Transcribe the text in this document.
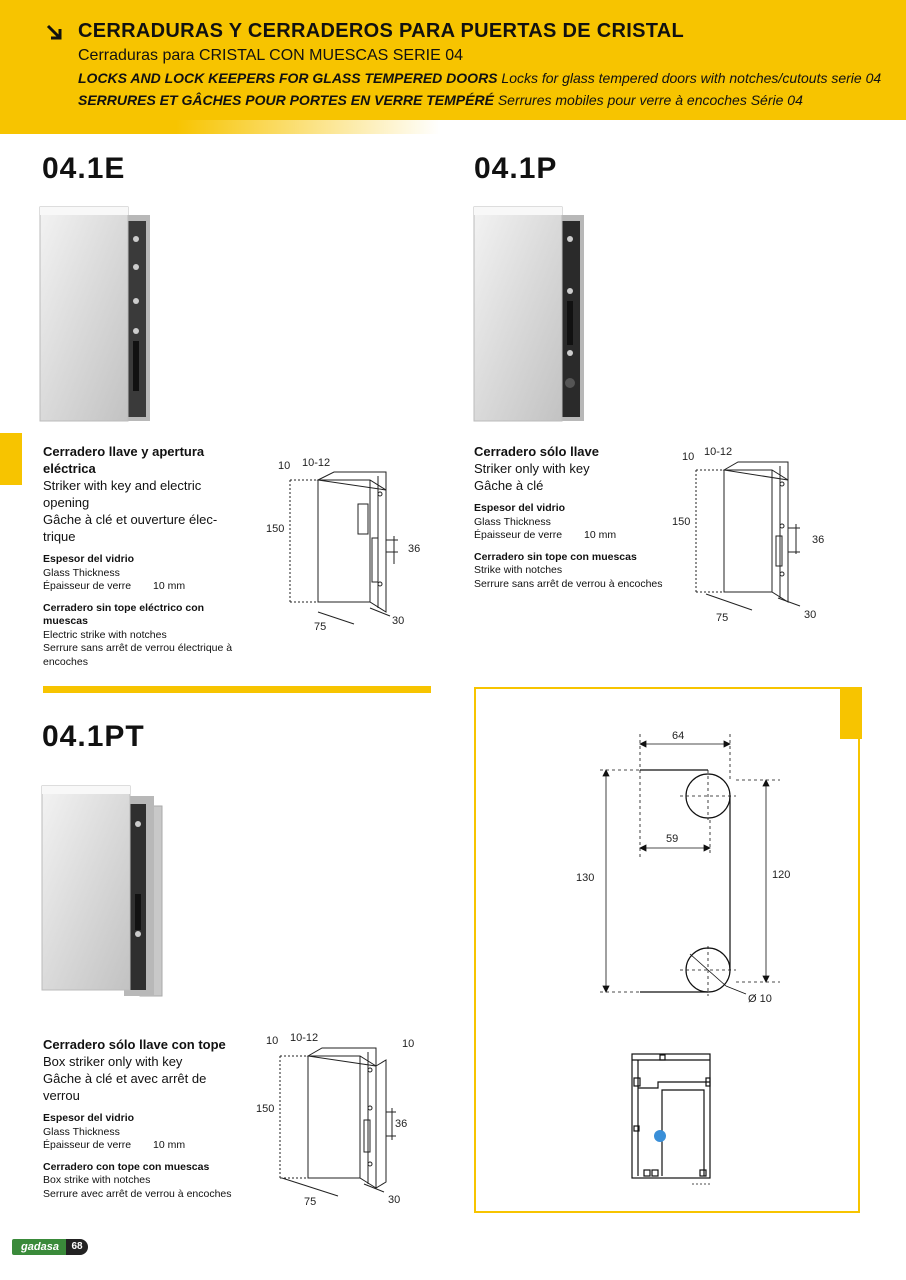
CERRADURAS Y CERRADEROS PARA PUERTAS DE CRISTAL
Cerraduras para CRISTAL CON MUESCAS SERIE 04
LOCKS AND LOCK KEEPERS FOR GLASS TEMPERED DOORS Locks for glass tempered doors with notches/cutouts serie 04
SERRURES ET GÂCHES POUR PORTES EN VERRE TEMPÉRÉ Serrures mobiles pour verre à encoches Série 04
04.1E
Cerradero llave y apertura eléctrica
Striker with key and electric opening
Gâche à clé et ouverture élec-trique
Espesor del vidrio
Glass Thickness
Épaisseur de verre 10 mm
Cerradero sin tope eléctrico con muescas
Electric strike with notches
Serrure sans arrêt de verrou électrique à encoches
10 10-12
150
36
75	30
04.1P
Cerradero sólo llave
Striker only with key
Gâche à clé
Espesor del vidrio
Glass Thickness
Épaisseur de verre 10 mm
Cerradero sin tope con muescas
Strike with notches
Serrure sans arrêt de verrou à encoches
10 10-12
150
36
75	30
04.1PT
Cerradero sólo llave con tope
Box striker only with key
Gâche à clé et avec arrêt de verrou
Espesor del vidrio
Glass Thickness
Épaisseur de verre 10 mm
Cerradero con tope con muescas
Box strike with notches
Serrure avec arrêt de verrou à encoches
10 10-12	10
150
36
75	30
64
59
130	120
Ø 10
gadasa	68
